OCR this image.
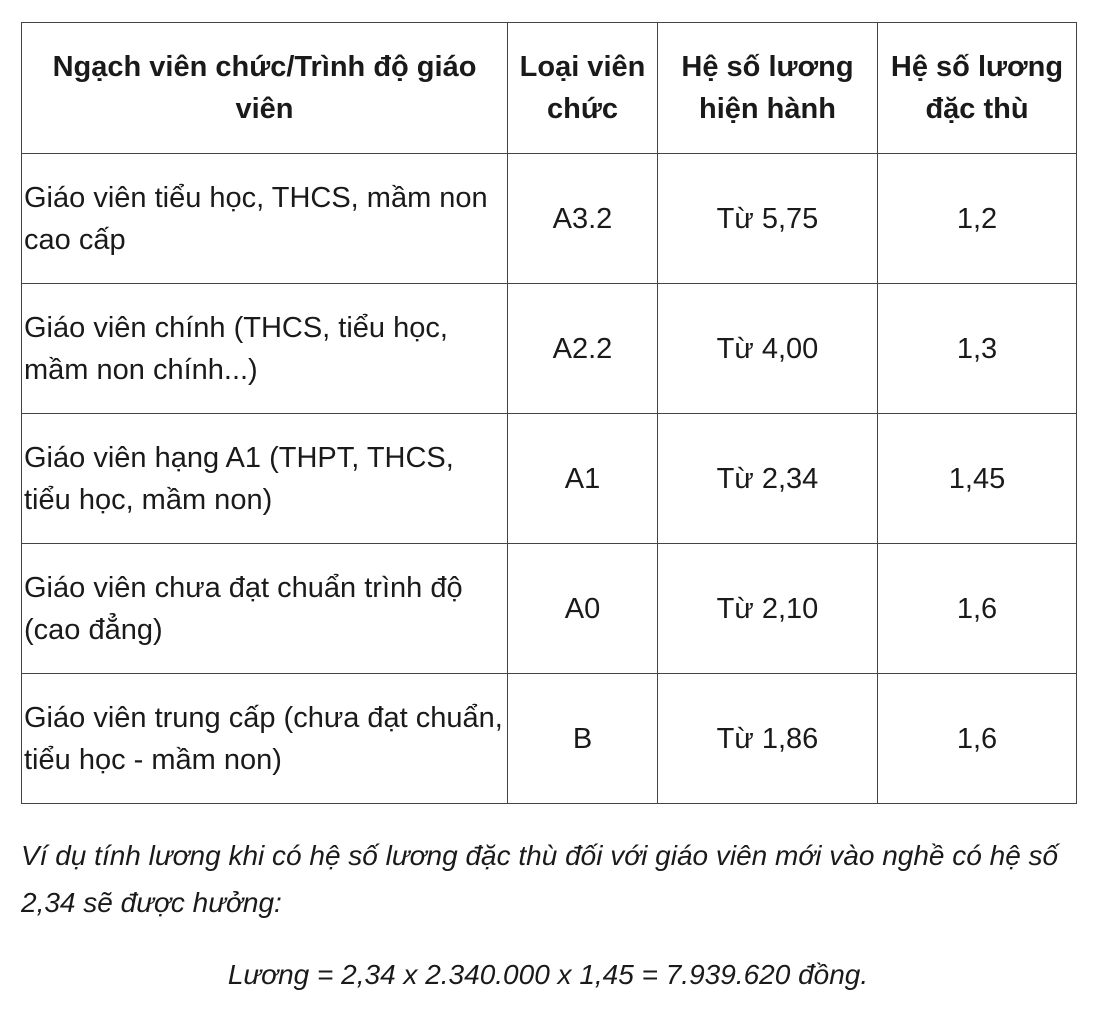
Ngạch viên chức/Trình độ giáo viên	Loại viên chức	Hệ số lương hiện hành	Hệ số lương đặc thù
Giáo viên tiểu học, THCS, mầm non cao cấp	A3.2	Từ 5,75	1,2
Giáo viên chính (THCS, tiểu học, mầm non chính...)	A2.2	Từ 4,00	1,3
Giáo viên hạng A1 (THPT, THCS, tiểu học, mầm non)	A1	Từ 2,34	1,45
Giáo viên chưa đạt chuẩn trình độ (cao đẳng)	A0	Từ 2,10	1,6
Giáo viên trung cấp (chưa đạt chuẩn, tiểu học - mầm non)	B	Từ 1,86	1,6

Ví dụ tính lương khi có hệ số lương đặc thù đối với giáo viên mới vào nghề có hệ số 2,34 sẽ được hưởng:

Lương = 2,34 x 2.340.000 x 1,45 = 7.939.620 đồng.
